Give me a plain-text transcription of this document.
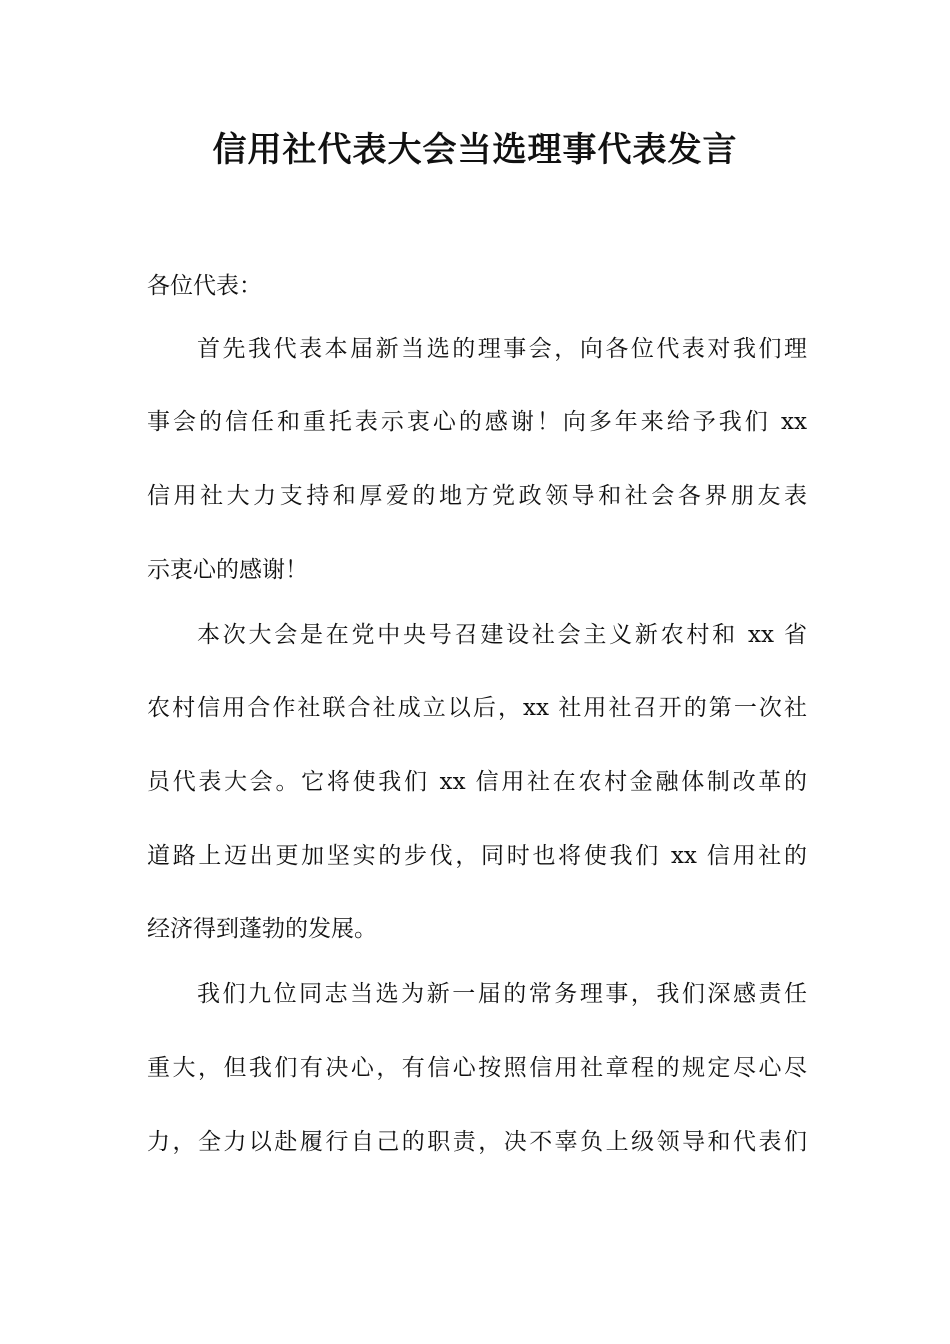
信用社代表大会当选理事代表发言
各位代表：
首先我代表本届新当选的理事会，向各位代表对我们理
事会的信任和重托表示衷心的感谢！向多年来给予我们 xx
信用社大力支持和厚爱的地方党政领导和社会各界朋友表
示衷心的感谢！
本次大会是在党中央号召建设社会主义新农村和 xx 省
农村信用合作社联合社成立以后，xx 社用社召开的第一次社
员代表大会。它将使我们 xx 信用社在农村金融体制改革的
道路上迈出更加坚实的步伐，同时也将使我们 xx 信用社的
经济得到蓬勃的发展。
我们九位同志当选为新一届的常务理事，我们深感责任
重大，但我们有决心，有信心按照信用社章程的规定尽心尽
力，全力以赴履行自己的职责，决不辜负上级领导和代表们
